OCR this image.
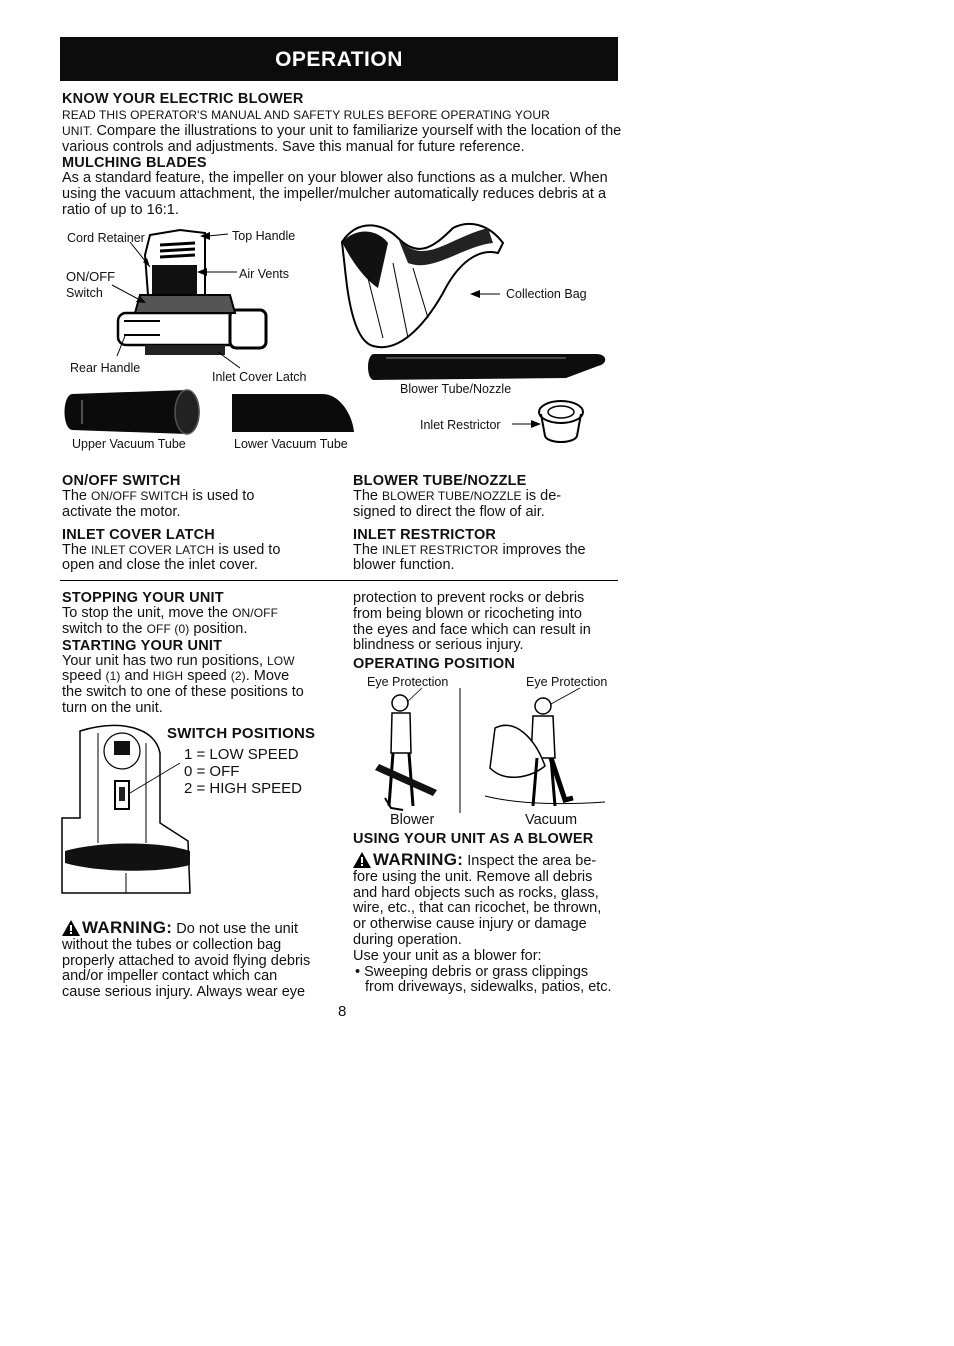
OPERATION
KNOW YOUR ELECTRIC BLOWER

READ THIS OPERATOR'S MANUAL AND SAFETY RULES BEFORE OPERATING YOUR
UNIT. Compare the illustrations to your unit to familiarize yourself with the location of the various controls and adjustments. Save this manual for future reference.

MULCHING BLADES

As a standard feature, the impeller on your blower also functions as a mulcher. When using the vacuum attachment, the impeller/mulcher automatically reduces debris at a ratio of up to 16:1.

Cord Retainer	Top Handle
ON/OFF
Switch
Air Vents
Rear Handle
Inlet Cover Latch
Collection Bag
Blower Tube/Nozzle
Inlet Restrictor
Upper Vacuum Tube	Lower Vacuum Tube
ON/OFF SWITCH

The ON/OFF SWITCH is used to
activate the motor.

INLET COVER LATCH

The INLET COVER LATCH is used to
open and close the inlet cover.

BLOWER TUBE/NOZZLE

The BLOWER TUBE/NOZZLE is de-
signed to direct the flow of air.

INLET RESTRICTOR

The INLET RESTRICTOR improves the
blower function.

STOPPING YOUR UNIT

To stop the unit, move the ON/OFF
switch to the OFF (0) position.

STARTING YOUR UNIT

Your unit has two run positions, LOW
speed (1) and HIGH speed (2). Move
the switch to one of these positions to
turn on the unit.

SWITCH POSITIONS
1 = LOW SPEED
0 = OFF
2 = HIGH SPEED

WARNING: Do not use the unit
without the tubes or collection bag
properly attached to avoid flying debris
and/or impeller contact which can
cause serious injury. Always wear eye

protection to prevent rocks or debris
from being blown or ricocheting into
the eyes and face which can result in
blindness or serious injury.

OPERATING POSITION
Eye Protection	Eye Protection
Blower	Vacuum
USING YOUR UNIT AS A BLOWER

WARNING: Inspect the area be-
fore using the unit. Remove all debris
and hard objects such as rocks, glass,
wire, etc., that can ricochet, be thrown,
or otherwise cause injury or damage
during operation.
Use your unit as a blower for:

• Sweeping debris or grass clippings
from driveways, sidewalks, patios, etc.

8
